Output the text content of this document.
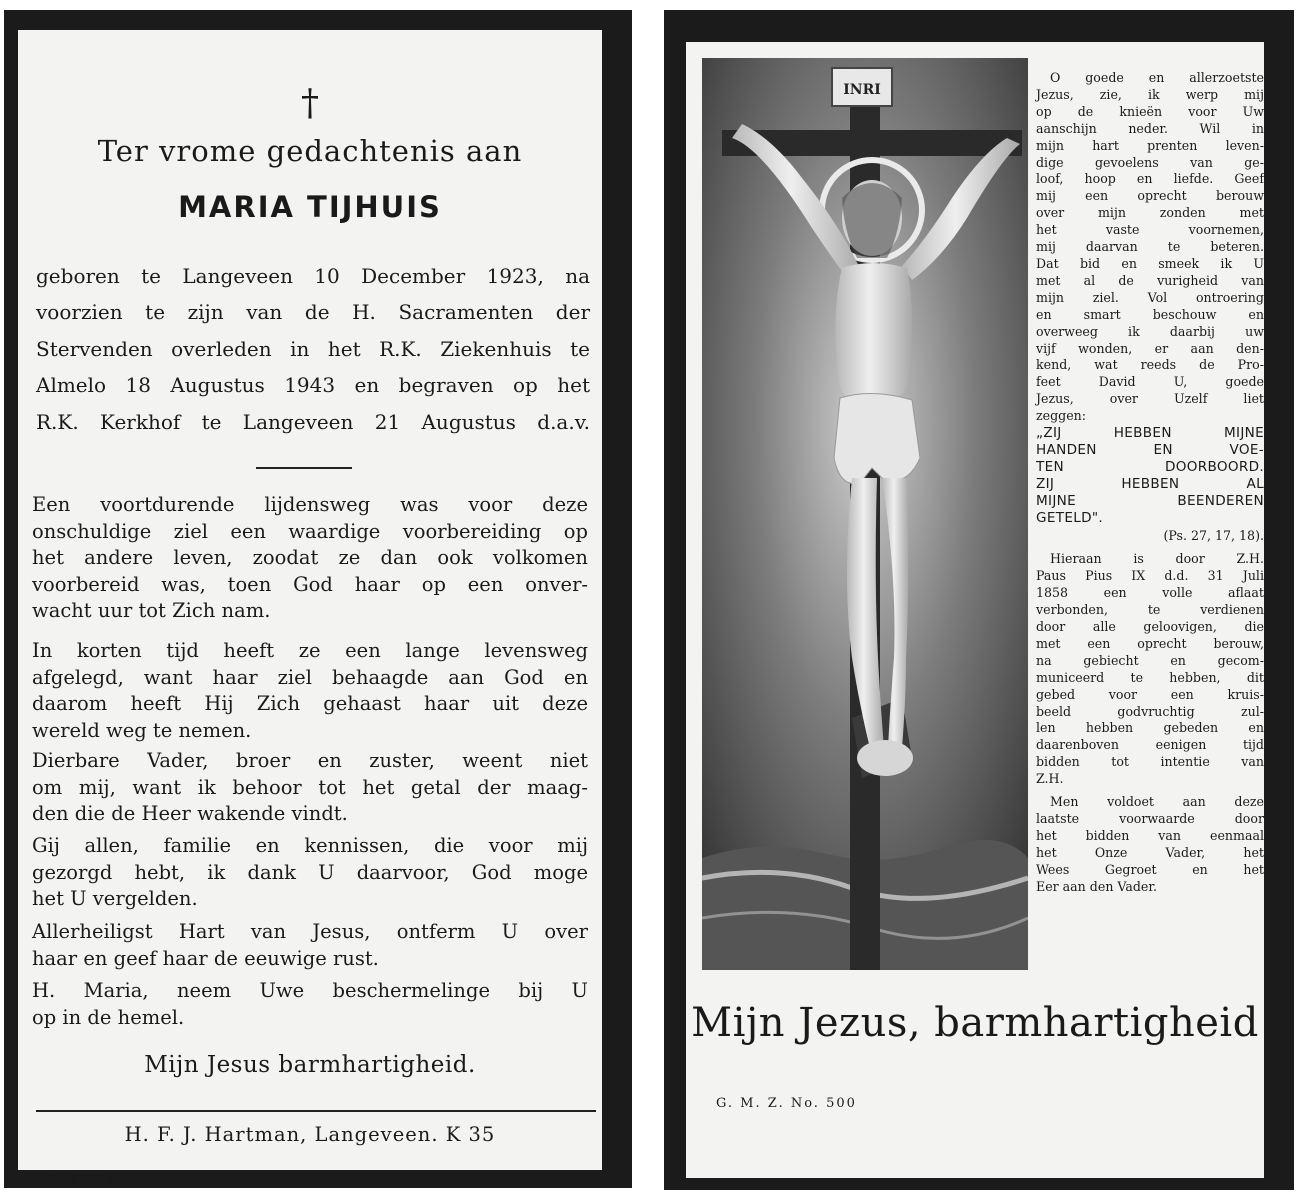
†
Ter vrome gedachtenis aan
MARIA TIJHUIS
geboren te Langeveen 10 December 1923, na
voorzien te zijn van de H. Sacramenten der
Stervenden overleden in het R.K. Ziekenhuis te
Almelo 18 Augustus 1943 en begraven op het
R.K. Kerkhof te Langeveen 21 Augustus d.a.v.
Een voortdurende lijdensweg was voor deze
onschuldige ziel een waardige voorbereiding op
het andere leven, zoodat ze dan ook volkomen
voorbereid was, toen God haar op een onver-
wacht uur tot Zich nam.
In korten tijd heeft ze een lange levensweg
afgelegd, want haar ziel behaagde aan God en
daarom heeft Hij Zich gehaast haar uit deze
wereld weg te nemen.
Dierbare Vader, broer en zuster, weent niet
om mij, want ik behoor tot het getal der maag-
den die de Heer wakende vindt.
Gij allen, familie en kennissen, die voor mij
gezorgd hebt, ik dank U daarvoor, God moge
het U vergelden.
Allerheiligst Hart van Jesus, ontferm U over
haar en geef haar de eeuwige rust.
H. Maria, neem Uwe beschermelinge bij U
op in de hemel.
Mijn Jesus barmhartigheid.
H. F. J. Hartman, Langeveen. K 35
K 1676
INRI
O goede en allerzoetste
Jezus, zie, ik werp mij
op de knieën voor Uw
aanschijn neder. Wil in
mijn hart prenten leven-
dige gevoelens van ge-
loof, hoop en liefde. Geef
mij een oprecht berouw
over mijn zonden met
het vaste voornemen,
mij daarvan te beteren.
Dat bid en smeek ik U
met al de vurigheid van
mijn ziel. Vol ontroering
en smart beschouw en
overweeg ik daarbij uw
vijf wonden, er aan den-
kend, wat reeds de Pro-
feet David U, goede
Jezus, over Uzelf liet
zeggen:
„ZIJ HEBBEN MIJNE
HANDEN EN VOE-
TEN DOORBOORD.
ZIJ HEBBEN AL
MIJNE BEENDEREN
GETELD".
(Ps. 27, 17, 18).
Hieraan is door Z.H.
Paus Pius IX d.d. 31 Juli
1858 een volle aflaat
verbonden, te verdienen
door alle geloovigen, die
met een oprecht berouw,
na gebiecht en gecom-
municeerd te hebben, dit
gebed voor een kruis-
beeld godvruchtig zul-
len hebben gebeden en
daarenboven eenigen tijd
bidden tot intentie van
Z.H.
Men voldoet aan deze
laatste voorwaarde door
het bidden van eenmaal
het Onze Vader, het
Wees Gegroet en het
Eer aan den Vader.
Mijn Jezus, barmhartigheid
G. M. Z. No. 500
